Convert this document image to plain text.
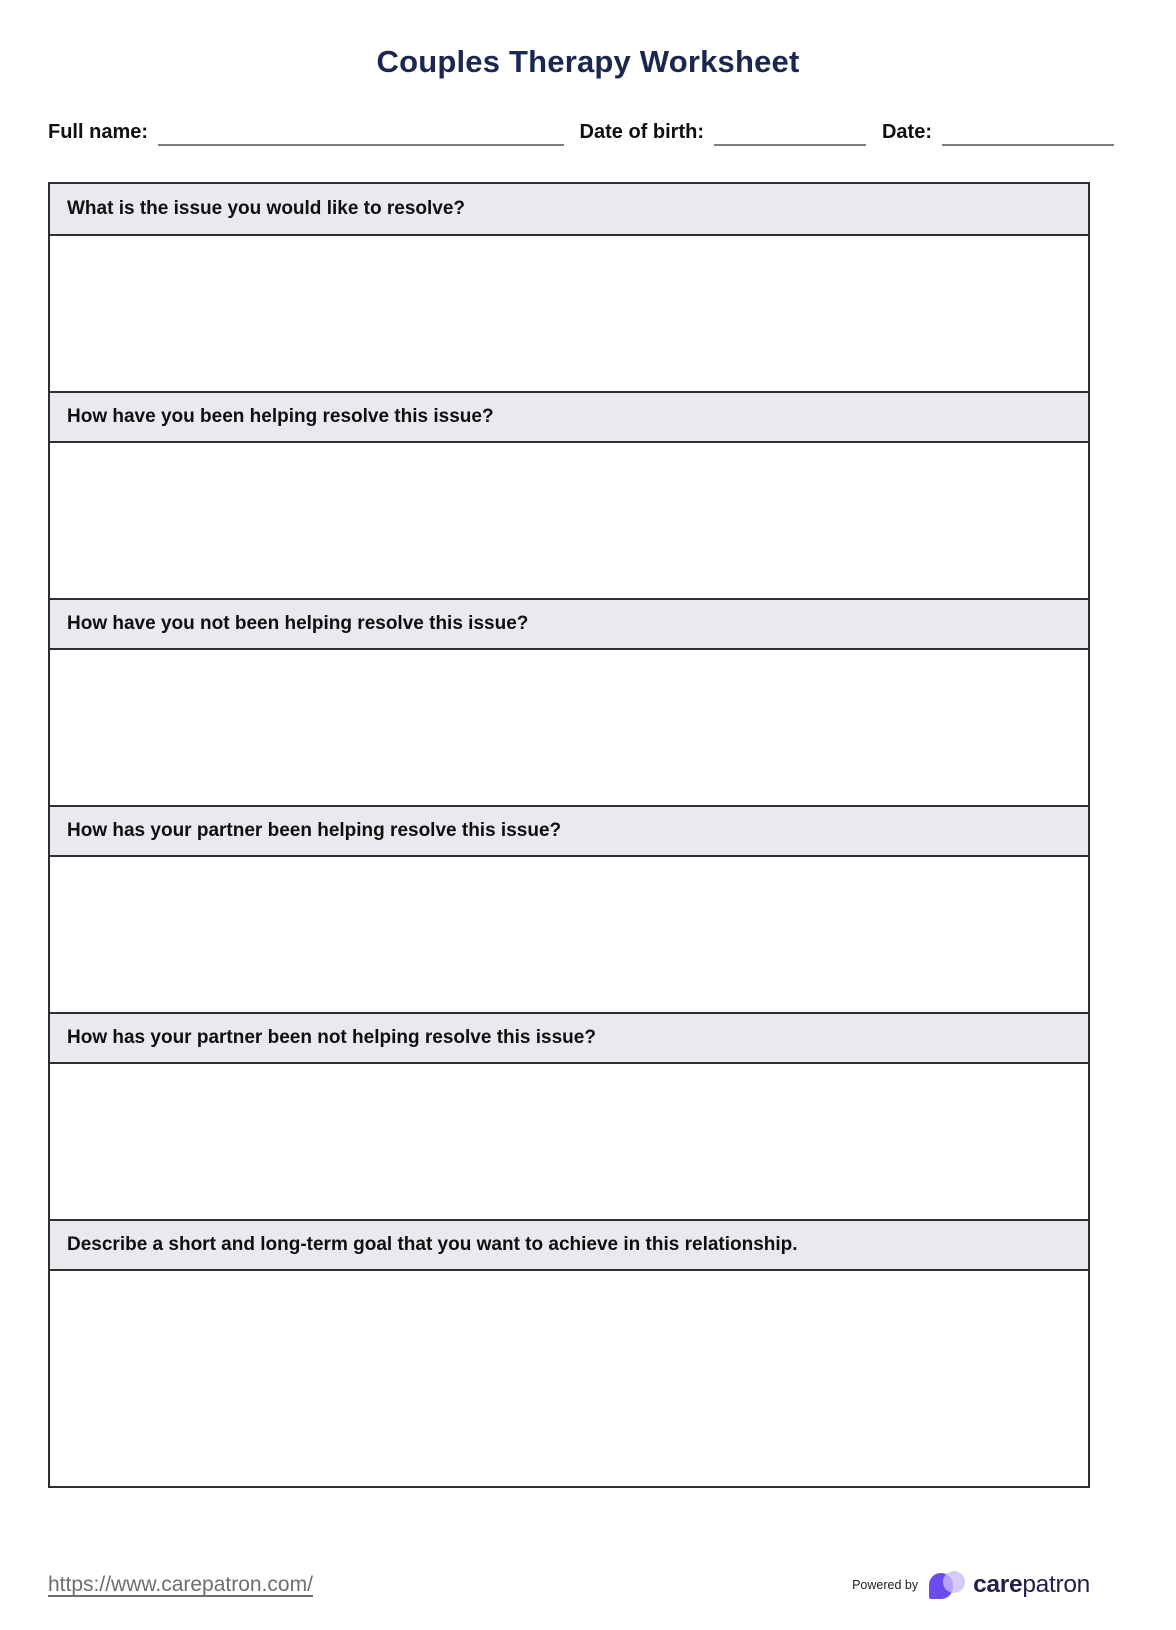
Couples Therapy Worksheet
Full name:	Date of birth:	Date:
What is the issue you would like to resolve?
How have you been helping resolve this issue?
How have you not been helping resolve this issue?
How has your partner been helping resolve this issue?
How has your partner been not helping resolve this issue?
Describe a short and long-term goal that you want to achieve in this relationship.
https://www.carepatron.com/	Powered by carepatron
